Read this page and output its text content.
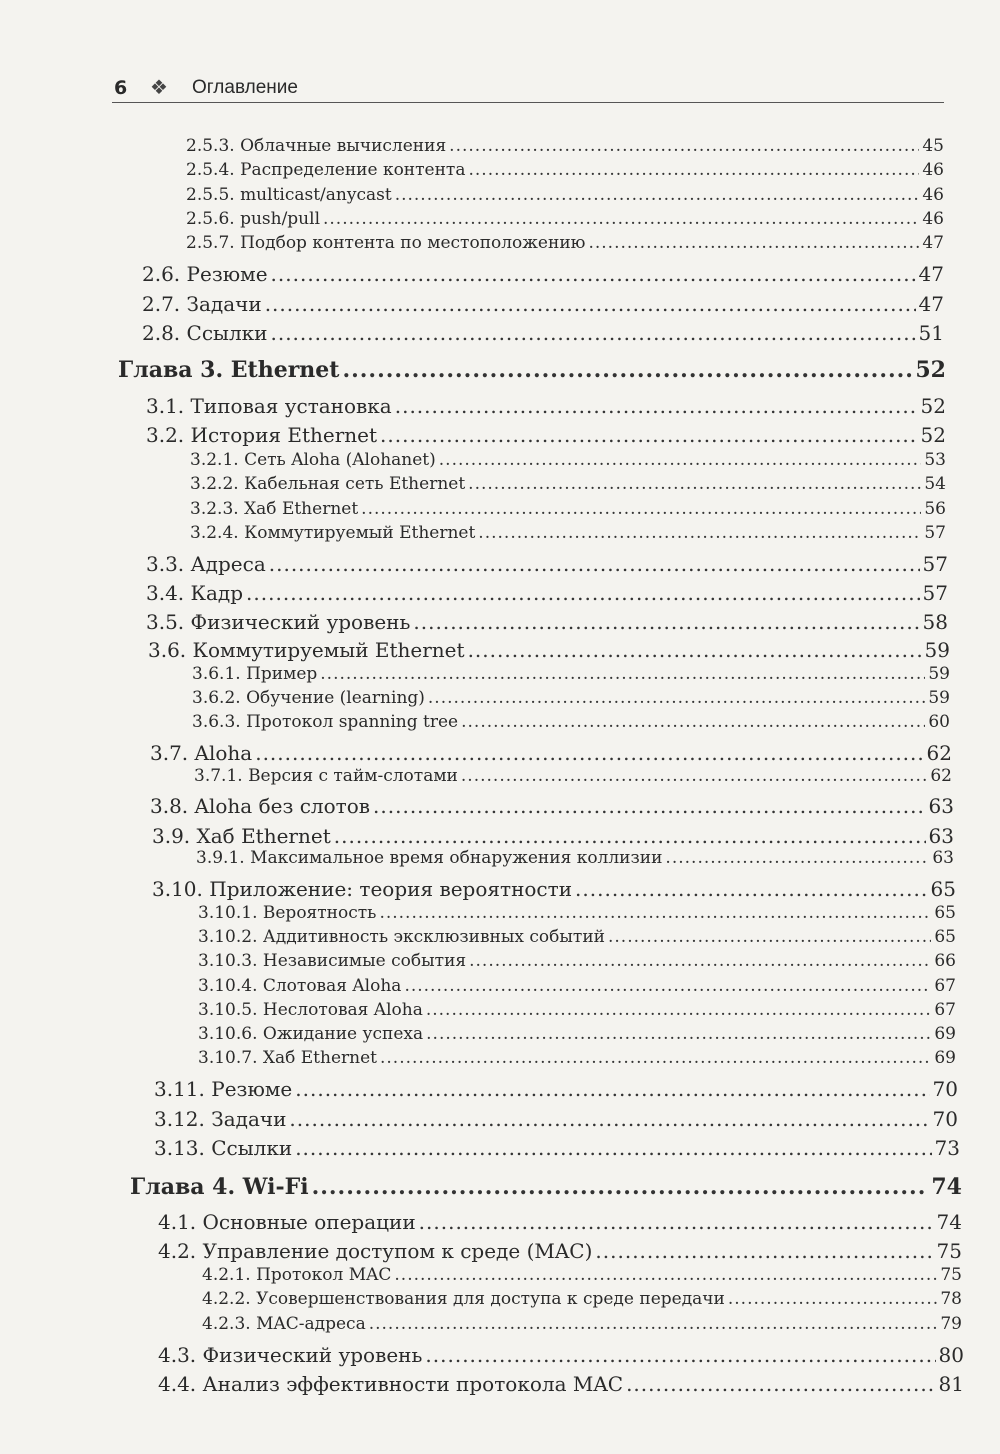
6 ❖ Оглавление
2.5.3. Облачные вычисления .....	45
2.5.4. Распределение контента .....	46
2.5.5. multicast/anycast .....	46
2.5.6. push/pull .....	46
2.5.7. Подбор контента по местоположению .....	47
2.6. Резюме .....	47
2.7. Задачи .....	47
2.8. Ссылки .....	51
Глава 3. Ethernet .....	52
3.1. Типовая установка .....	52
3.2. История Ethernet .....	52
3.2.1. Сеть Aloha (Alohanet) .....	53
3.2.2. Кабельная сеть Ethernet .....	54
3.2.3. Хаб Ethernet .....	56
3.2.4. Коммутируемый Ethernet .....	57
3.3. Адреса .....	57
3.4. Кадр .....	57
3.5. Физический уровень .....	58
3.6. Коммутируемый Ethernet .....	59
3.6.1. Пример .....	59
3.6.2. Обучение (learning) .....	59
3.6.3. Протокол spanning tree .....	60
3.7. Aloha .....	62
3.7.1. Версия с тайм-слотами .....	62
3.8. Aloha без слотов .....	63
3.9. Хаб Ethernet .....	63
3.9.1. Максимальное время обнаружения коллизии .....	63
3.10. Приложение: теория вероятности .....	65
3.10.1. Вероятность .....	65
3.10.2. Аддитивность эксклюзивных событий .....	65
3.10.3. Независимые события .....	66
3.10.4. Слотовая Aloha .....	67
3.10.5. Неслотовая Aloha .....	67
3.10.6. Ожидание успеха .....	69
3.10.7. Хаб Ethernet .....	69
3.11. Резюме .....	70
3.12. Задачи .....	70
3.13. Ссылки .....	73
Глава 4. Wi-Fi .....	74
4.1. Основные операции .....	74
4.2. Управление доступом к среде (MAC) .....	75
4.2.1. Протокол MAC .....	75
4.2.2. Усовершенствования для доступа к среде передачи .....	78
4.2.3. MAC-адреса .....	79
4.3. Физический уровень .....	80
4.4. Анализ эффективности протокола MAC .....	81
